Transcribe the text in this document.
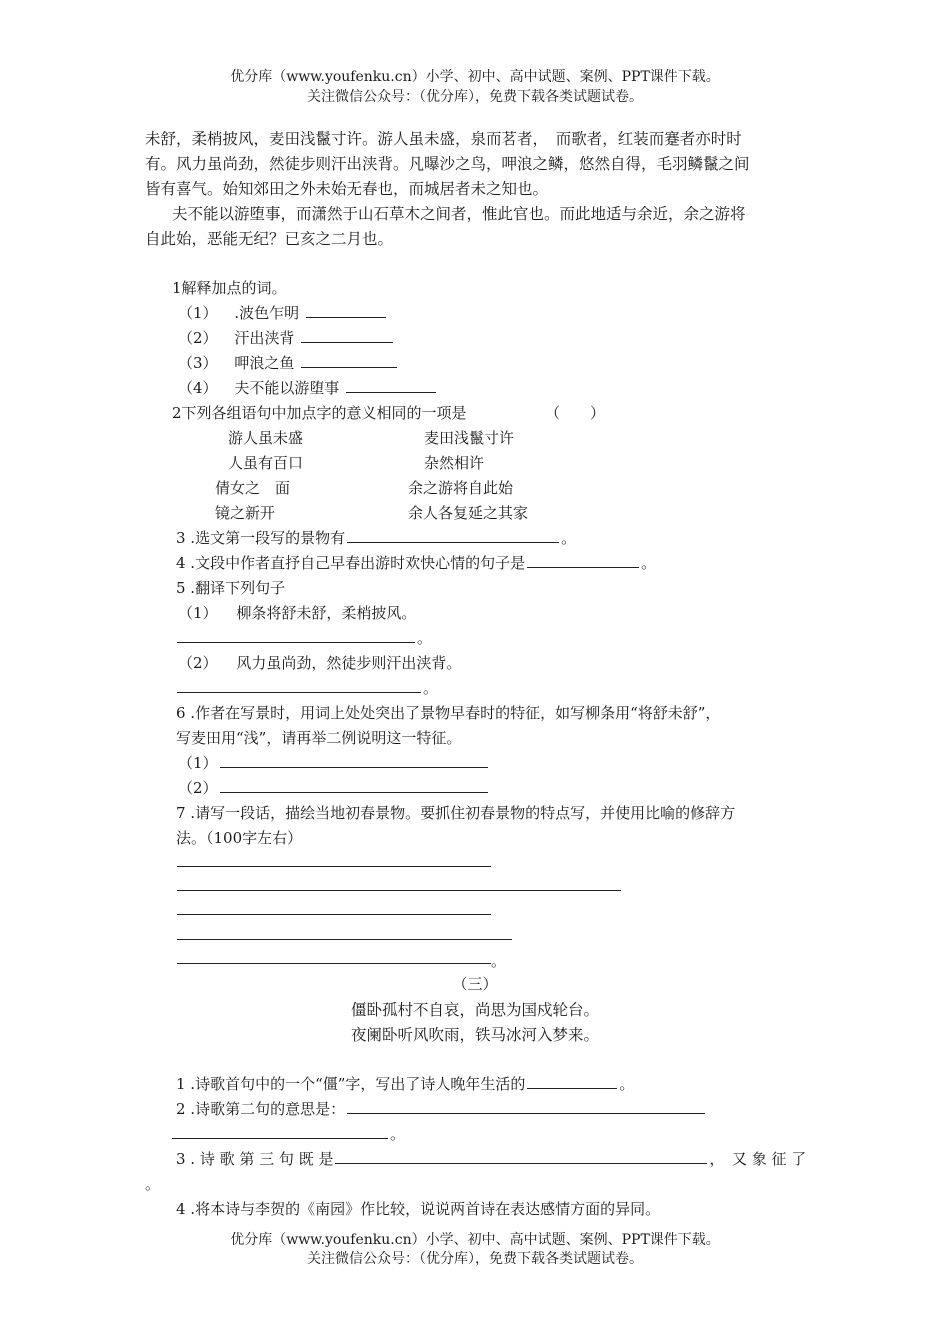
优分库（www.youfenku.cn）小学、初中、高中试题、案例、PPT课件下载。
关注微信公众号：（优分库），免费下载各类试题试卷。
未舒，柔梢披风，麦田浅鬣寸许。游人虽未盛，泉而茗者，　而歌者，红装而蹇者亦时时
有。风力虽尚劲，然徒步则汗出浃背。凡曝沙之鸟，呷浪之鳞，悠然自得，毛羽鳞鬣之间
皆有喜气。始知郊田之外未始无春也，而城居者未之知也。
夫不能以游堕事，而潇然于山石草木之间者，惟此官也。而此地适与余近，余之游将
自此始，恶能无纪？已亥之二月也。
1解释加点的词。
（1） .波色乍明
（2） 汗出浃背
（3） 呷浪之鱼
（4） 夫不能以游堕事
2下列各组语句中加点字的意义相同的一项是	（　　）
游人虽未盛	麦田浅鬣寸许
人虽有百口	杂然相许
倩女之　面	余之游将自此始
镜之新开	余人各复延之其家
3 .选文第一段写的景物有	。
4 .文段中作者直抒自己早春出游时欢快心情的句子是	。
5 .翻译下列句子
（1） 柳条将舒未舒，柔梢披风。
。
（2） 风力虽尚劲，然徒步则汗出浃背。
。
6 .作者在写景时，用词上处处突出了景物早春时的特征，如写柳条用“将舒未舒”，
写麦田用“浅”，请再举二例说明这一特征。
（1）
（2）
7 .请写一段话，描绘当地初春景物。要抓住初春景物的特点写，并使用比喻的修辞方
法。（100字左右）
。
（三）
僵卧孤村不自哀，尚思为国戍轮台。
夜阑卧听风吹雨，铁马冰河入梦来。
1 .诗歌首句中的一个“僵”字，写出了诗人晚年生活的	。
2 .诗歌第二句的意思是：
。
3 . 诗 歌 第 三 句 既 是	，　又 象 征 了
。
4 .将本诗与李贺的《南园》作比较，说说两首诗在表达感情方面的异同。
优分库（www.youfenku.cn）小学、初中、高中试题、案例、PPT课件下载。
关注微信公众号：（优分库），免费下载各类试题试卷。
